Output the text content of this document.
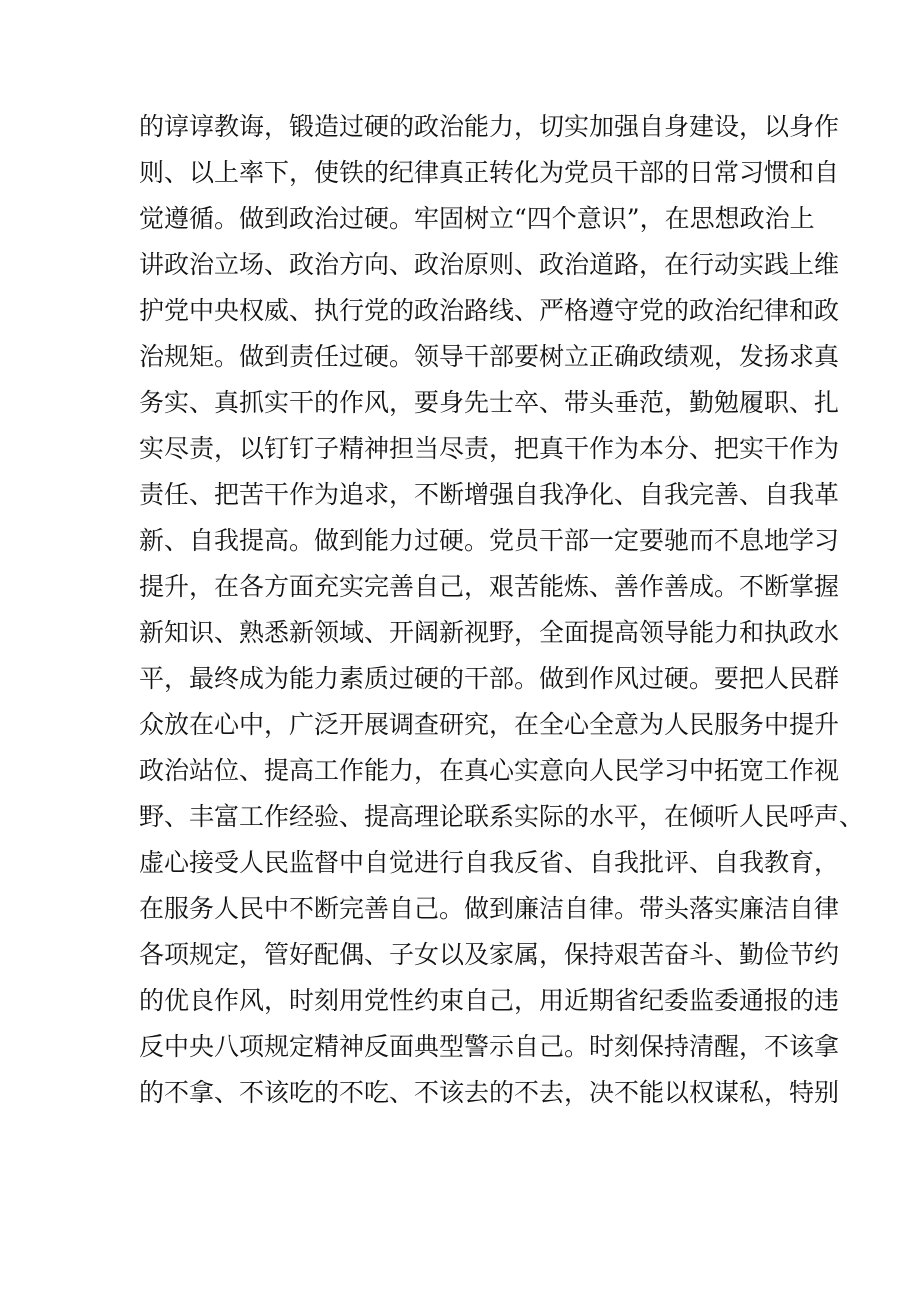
的谆谆教诲，锻造过硬的政治能力，切实加强自身建设，以身作
则、以上率下，使铁的纪律真正转化为党员干部的日常习惯和自
觉遵循。做到政治过硬。牢固树立“四个意识”，在思想政治上
讲政治立场、政治方向、政治原则、政治道路，在行动实践上维
护党中央权威、执行党的政治路线、严格遵守党的政治纪律和政
治规矩。做到责任过硬。领导干部要树立正确政绩观，发扬求真
务实、真抓实干的作风，要身先士卒、带头垂范，勤勉履职、扎
实尽责，以钉钉子精神担当尽责，把真干作为本分、把实干作为
责任、把苦干作为追求，不断增强自我净化、自我完善、自我革
新、自我提高。做到能力过硬。党员干部一定要驰而不息地学习
提升，在各方面充实完善自己，艰苦能炼、善作善成。不断掌握
新知识、熟悉新领域、开阔新视野，全面提高领导能力和执政水
平，最终成为能力素质过硬的干部。做到作风过硬。要把人民群
众放在心中，广泛开展调查研究，在全心全意为人民服务中提升
政治站位、提高工作能力，在真心实意向人民学习中拓宽工作视
野、丰富工作经验、提高理论联系实际的水平，在倾听人民呼声、
虚心接受人民监督中自觉进行自我反省、自我批评、自我教育，
在服务人民中不断完善自己。做到廉洁自律。带头落实廉洁自律
各项规定，管好配偶、子女以及家属，保持艰苦奋斗、勤俭节约
的优良作风，时刻用党性约束自己，用近期省纪委监委通报的违
反中央八项规定精神反面典型警示自己。时刻保持清醒，不该拿
的不拿、不该吃的不吃、不该去的不去，决不能以权谋私，特别
